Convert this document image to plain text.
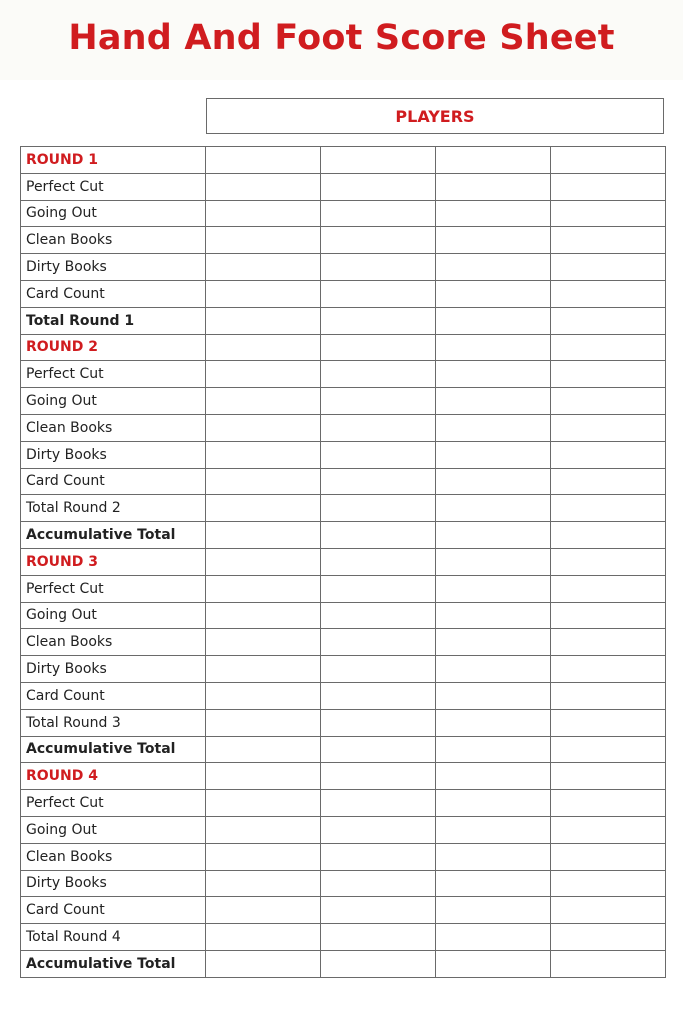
Hand And Foot Score Sheet
PLAYERS
ROUND 1				
Perfect Cut				
Going Out				
Clean Books				
Dirty Books				
Card Count				
Total Round 1				
ROUND 2				
Perfect Cut				
Going Out				
Clean Books				
Dirty Books				
Card Count				
Total Round 2				
Accumulative Total				
ROUND 3				
Perfect Cut				
Going Out				
Clean Books				
Dirty Books				
Card Count				
Total Round 3				
Accumulative Total				
ROUND 4				
Perfect Cut				
Going Out				
Clean Books				
Dirty Books				
Card Count				
Total Round 4				
Accumulative Total				
